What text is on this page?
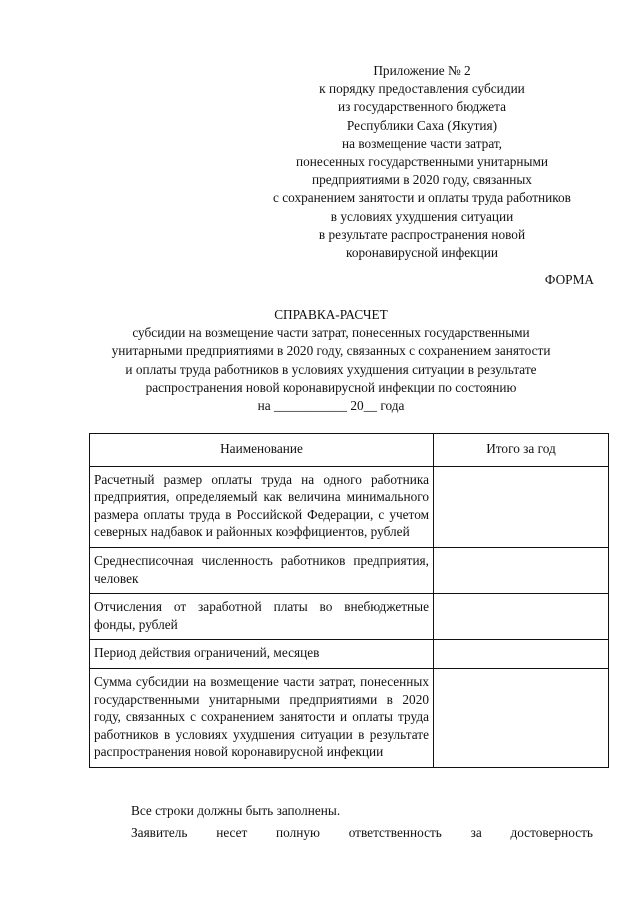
Приложение № 2
к порядку предоставления субсидии
из государственного бюджета
Республики Саха (Якутия)
на возмещение части затрат,
понесенных государственными унитарными
предприятиями в 2020 году, связанных
с сохранением занятости и оплаты труда работников
в условиях ухудшения ситуации
в результате распространения новой
коронавирусной инфекции
ФОРМА
СПРАВКА-РАСЧЕТ
субсидии на возмещение части затрат, понесенных государственными
унитарными предприятиями в 2020 году, связанных с сохранением занятости
и оплаты труда работников в условиях ухудшения ситуации в результате
распространения новой коронавирусной инфекции по состоянию
на ___________ 20__ года
Наименование	Итого за год
Расчетный размер оплаты труда на одного работника предприятия, определяемый как величина минимального размера оплаты труда в Российской Федерации, с учетом северных надбавок и районных коэффициентов, рублей	
Среднесписочная численность работников предприятия, человек	
Отчисления от заработной платы во внебюджетные фонды, рублей	
Период действия ограничений, месяцев	
Сумма субсидии на возмещение части затрат, понесенных государственными унитарными предприятиями в 2020 году, связанных с сохранением занятости и оплаты труда работников в условиях ухудшения ситуации в результате распространения новой коронавирусной инфекции	
Все строки должны быть заполнены.
Заявитель несет полную ответственность за достоверность
